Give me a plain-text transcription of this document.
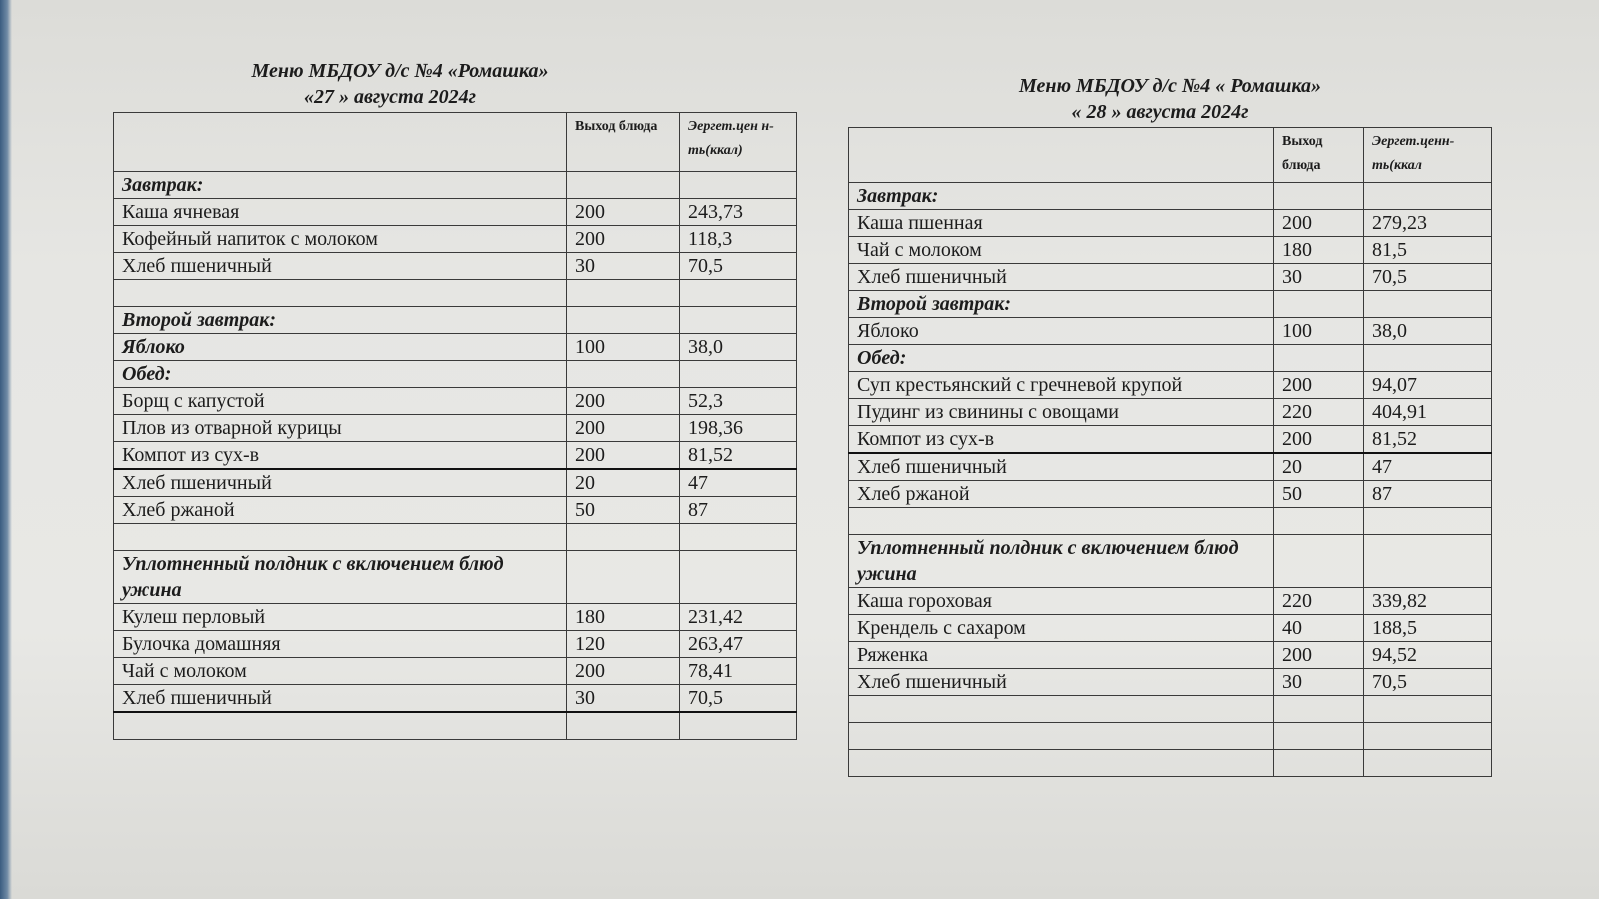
Меню МБДОУ д/с №4 «Ромашка»
«27 » августа 2024г
	Выход блюда	Эергет.цен н-ть(ккал)
Завтрак:		
Каша ячневая	200	243,73
Кофейный напиток с молоком	200	118,3
Хлеб пшеничный	30	70,5

Второй завтрак:		
Яблоко	100	38,0
Обед:		
Борщ с капустой	200	52,3
Плов из отварной курицы	200	198,36
Компот из сух-в	200	81,52
Хлеб пшеничный	20	47
Хлеб ржаной	50	87

Уплотненный полдник с включением блюд ужина		
Кулеш перловый	180	231,42
Булочка домашняя	120	263,47
Чай с молоком	200	78,41
Хлеб пшеничный	30	70,5

Меню МБДОУ д/с №4 « Ромашка»
« 28 » августа 2024г
	Выход блюда	Эергет.ценн-ть(ккал
Завтрак:		
Каша пшенная	200	279,23
Чай с молоком	180	81,5
Хлеб пшеничный	30	70,5
Второй завтрак:		
Яблоко	100	38,0
Обед:		
Суп крестьянский с гречневой крупой	200	94,07
Пудинг из свинины с овощами	220	404,91
Компот из сух-в	200	81,52
Хлеб пшеничный	20	47
Хлеб ржаной	50	87

Уплотненный полдник с включением блюд ужина		
Каша гороховая	220	339,82
Крендель с сахаром	40	188,5
Ряженка	200	94,52
Хлеб пшеничный	30	70,5
